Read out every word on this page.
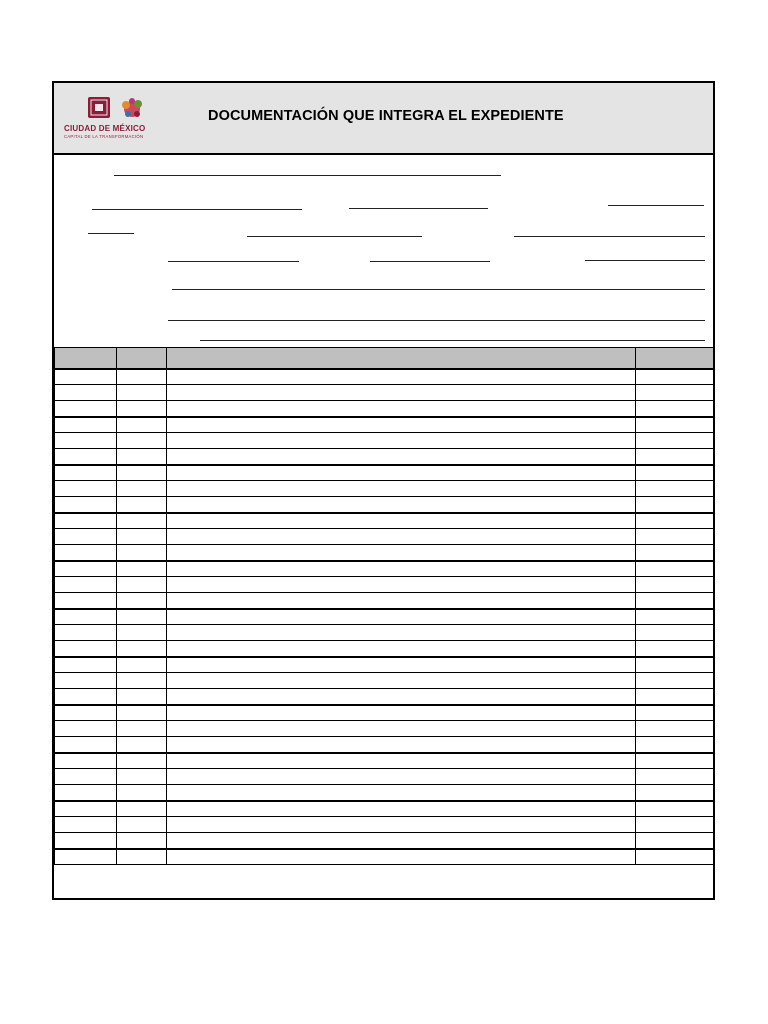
CIUDAD DE MÉXICO
CAPITAL DE LA TRANSFORMACIÓN
DOCUMENTACIÓN QUE INTEGRA EL EXPEDIENTE
